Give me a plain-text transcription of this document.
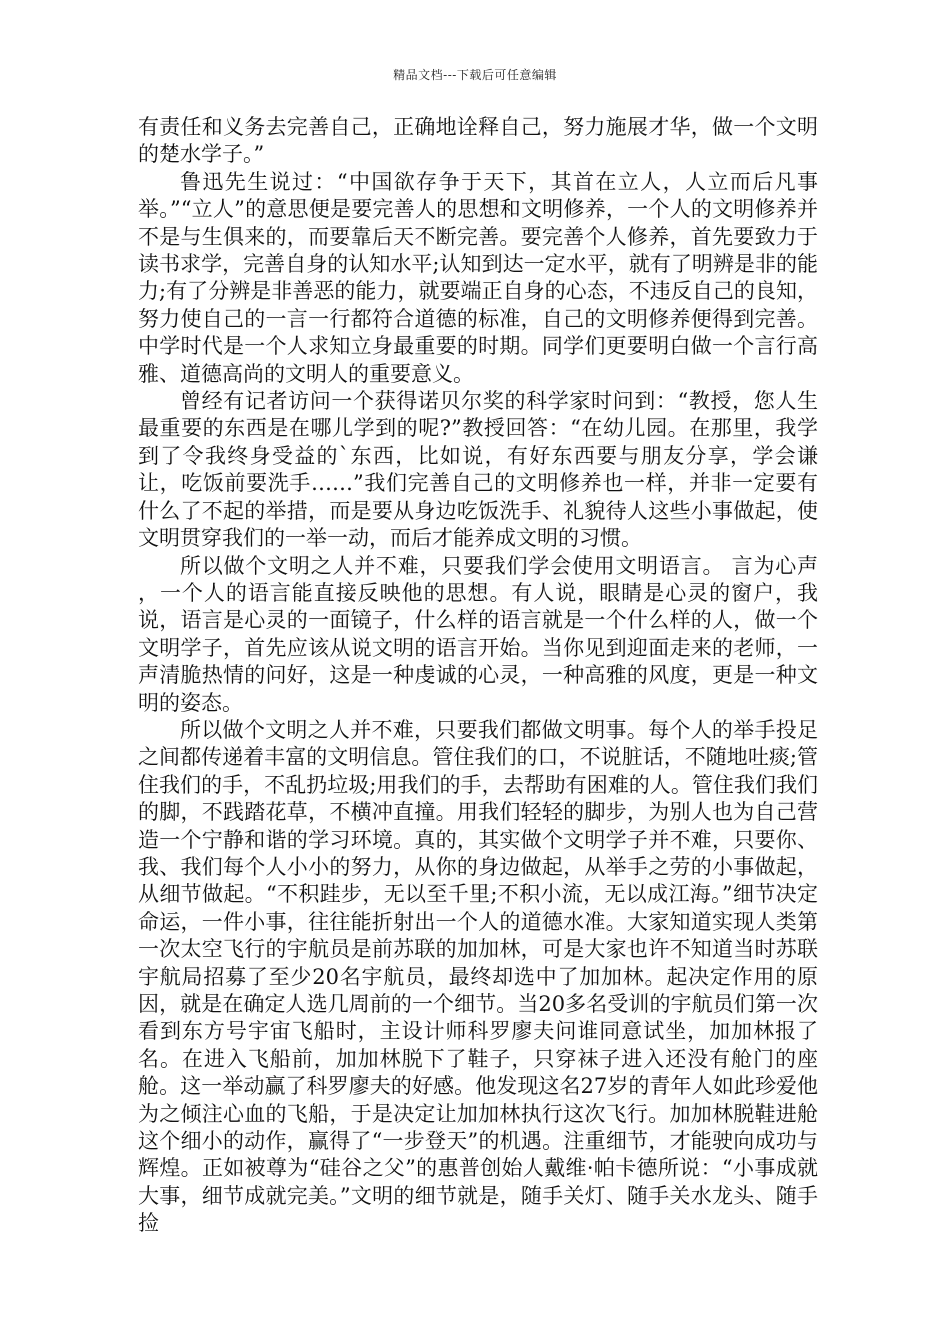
精品文档---下载后可任意编辑

有责任和义务去完善自己，正确地诠释自己，努力施展才华，做一个文明的楚水学子。”

鲁迅先生说过：“中国欲存争于天下，其首在立人，人立而后凡事举。”“立人”的意思便是要完善人的思想和文明修养，一个人的文明修养并不是与生俱来的，而要靠后天不断完善。要完善个人修养，首先要致力于读书求学，完善自身的认知水平;认知到达一定水平，就有了明辨是非的能力;有了分辨是非善恶的能力，就要端正自身的心态，不违反自己的良知，努力使自己的一言一行都符合道德的标准，自己的文明修养便得到完善。中学时代是一个人求知立身最重要的时期。同学们更要明白做一个言行高雅、道德高尚的文明人的重要意义。

曾经有记者访问一个获得诺贝尔奖的科学家时问到：“教授，您人生最重要的东西是在哪儿学到的呢?”教授回答：“在幼儿园。在那里，我学到了令我终身受益的`东西，比如说，有好东西要与朋友分享，学会谦让，吃饭前要洗手……”我们完善自己的文明修养也一样，并非一定要有什么了不起的举措，而是要从身边吃饭洗手、礼貌待人这些小事做起，使文明贯穿我们的一举一动，而后才能养成文明的习惯。

所以做个文明之人并不难，只要我们学会使用文明语言。 言为心声 ，一个人的语言能直接反映他的思想。有人说，眼睛是心灵的窗户，我说，语言是心灵的一面镜子，什么样的语言就是一个什么样的人，做一个文明学子，首先应该从说文明的语言开始。当你见到迎面走来的老师，一声清脆热情的问好，这是一种虔诚的心灵，一种高雅的风度，更是一种文明的姿态。

所以做个文明之人并不难，只要我们都做文明事。每个人的举手投足之间都传递着丰富的文明信息。管住我们的口，不说脏话，不随地吐痰;管住我们的手，不乱扔垃圾;用我们的手，去帮助有困难的人。管住我们我们的脚，不践踏花草，不横冲直撞。用我们轻轻的脚步，为别人也为自己营造一个宁静和谐的学习环境。真的，其实做个文明学子并不难，只要你、我、我们每个人小小的努力，从你的身边做起，从举手之劳的小事做起，从细节做起。“不积跬步，无以至千里;不积小流，无以成江海。”细节决定命运，一件小事，往往能折射出一个人的道德水准。大家知道实现人类第一次太空飞行的宇航员是前苏联的加加林，可是大家也许不知道当时苏联宇航局招募了至少20名宇航员，最终却选中了加加林。起决定作用的原因，就是在确定人选几周前的一个细节。当20多名受训的宇航员们第一次看到东方号宇宙飞船时，主设计师科罗廖夫问谁同意试坐，加加林报了名。在进入飞船前，加加林脱下了鞋子，只穿袜子进入还没有舱门的座舱。这一举动赢了科罗廖夫的好感。他发现这名27岁的青年人如此珍爱他为之倾注心血的飞船，于是决定让加加林执行这次飞行。加加林脱鞋进舱这个细小的动作，赢得了“一步登天”的机遇。注重细节，才能驶向成功与辉煌。正如被尊为“硅谷之父”的惠普创始人戴维·帕卡德所说：“小事成就大事，细节成就完美。”文明的细节就是，随手关灯、随手关水龙头、随手捡
